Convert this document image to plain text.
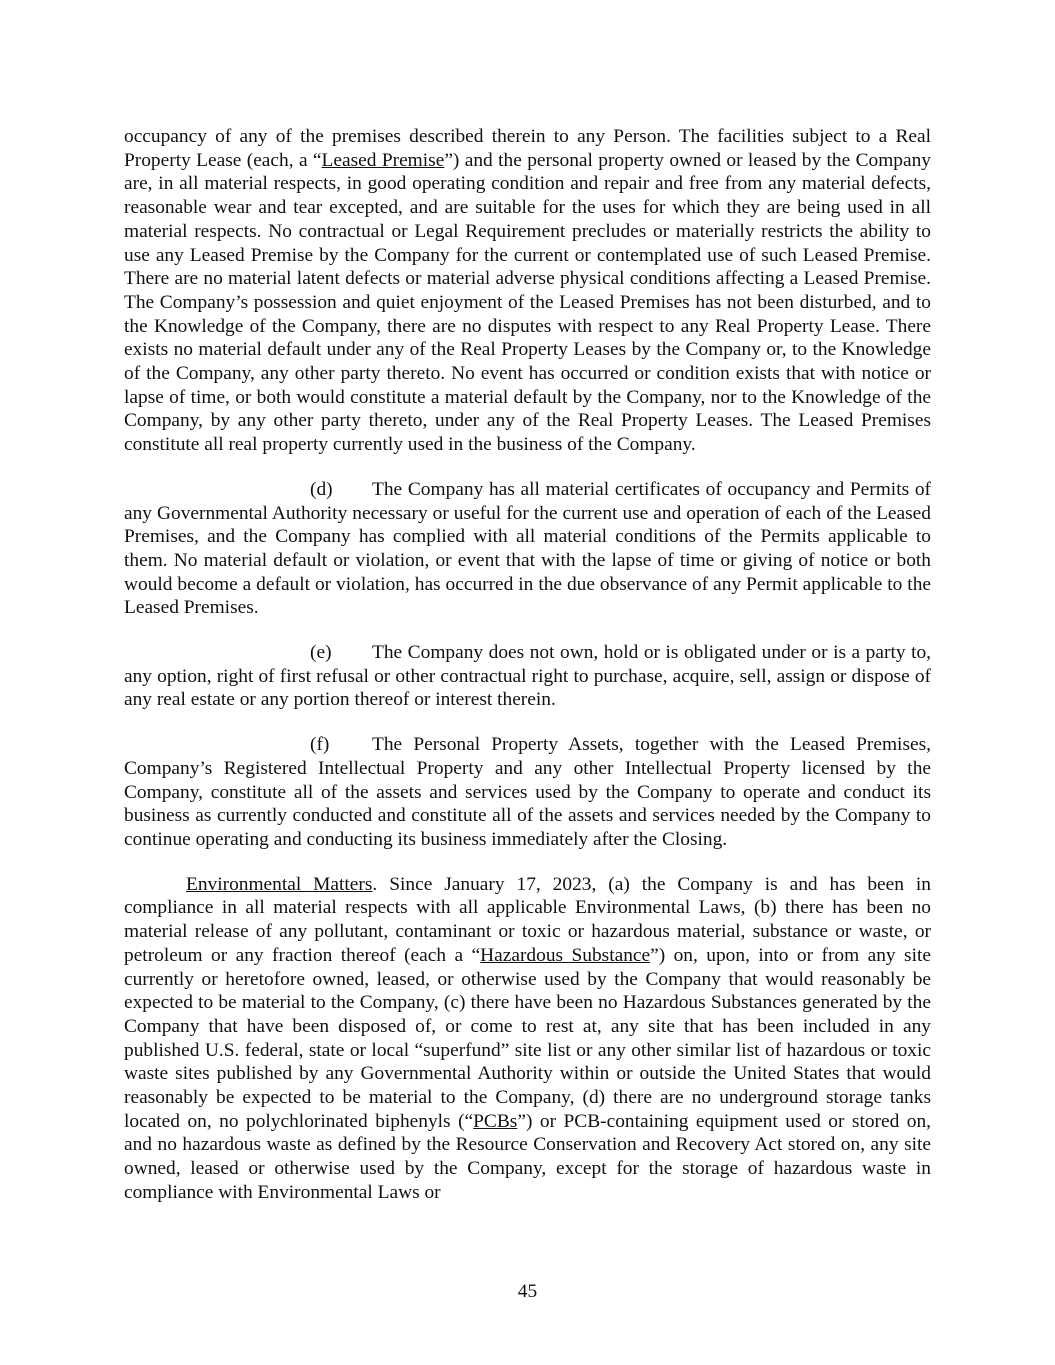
occupancy of any of the premises described therein to any Person. The facilities subject to a Real Property Lease (each, a “Leased Premise”) and the personal property owned or leased by the Company are, in all material respects, in good operating condition and repair and free from any material defects, reasonable wear and tear excepted, and are suitable for the uses for which they are being used in all material respects. No contractual or Legal Requirement precludes or materially restricts the ability to use any Leased Premise by the Company for the current or contemplated use of such Leased Premise. There are no material latent defects or material adverse physical conditions affecting a Leased Premise. The Company’s possession and quiet enjoyment of the Leased Premises has not been disturbed, and to the Knowledge of the Company, there are no disputes with respect to any Real Property Lease. There exists no material default under any of the Real Property Leases by the Company or, to the Knowledge of the Company, any other party thereto. No event has occurred or condition exists that with notice or lapse of time, or both would constitute a material default by the Company, nor to the Knowledge of the Company, by any other party thereto, under any of the Real Property Leases. The Leased Premises constitute all real property currently used in the business of the Company.

(d) The Company has all material certificates of occupancy and Permits of any Governmental Authority necessary or useful for the current use and operation of each of the Leased Premises, and the Company has complied with all material conditions of the Permits applicable to them. No material default or violation, or event that with the lapse of time or giving of notice or both would become a default or violation, has occurred in the due observance of any Permit applicable to the Leased Premises.

(e) The Company does not own, hold or is obligated under or is a party to, any option, right of first refusal or other contractual right to purchase, acquire, sell, assign or dispose of any real estate or any portion thereof or interest therein.

(f) The Personal Property Assets, together with the Leased Premises, Company’s Registered Intellectual Property and any other Intellectual Property licensed by the Company, constitute all of the assets and services used by the Company to operate and conduct its business as currently conducted and constitute all of the assets and services needed by the Company to continue operating and conducting its business immediately after the Closing.

Environmental Matters. Since January 17, 2023, (a) the Company is and has been in compliance in all material respects with all applicable Environmental Laws, (b) there has been no material release of any pollutant, contaminant or toxic or hazardous material, substance or waste, or petroleum or any fraction thereof (each a “Hazardous Substance”) on, upon, into or from any site currently or heretofore owned, leased, or otherwise used by the Company that would reasonably be expected to be material to the Company, (c) there have been no Hazardous Substances generated by the Company that have been disposed of, or come to rest at, any site that has been included in any published U.S. federal, state or local “superfund” site list or any other similar list of hazardous or toxic waste sites published by any Governmental Authority within or outside the United States that would reasonably be expected to be material to the Company, (d) there are no underground storage tanks located on, no polychlorinated biphenyls (“PCBs”) or PCB-containing equipment used or stored on, and no hazardous waste as defined by the Resource Conservation and Recovery Act stored on, any site owned, leased or otherwise used by the Company, except for the storage of hazardous waste in compliance with Environmental Laws or

45
